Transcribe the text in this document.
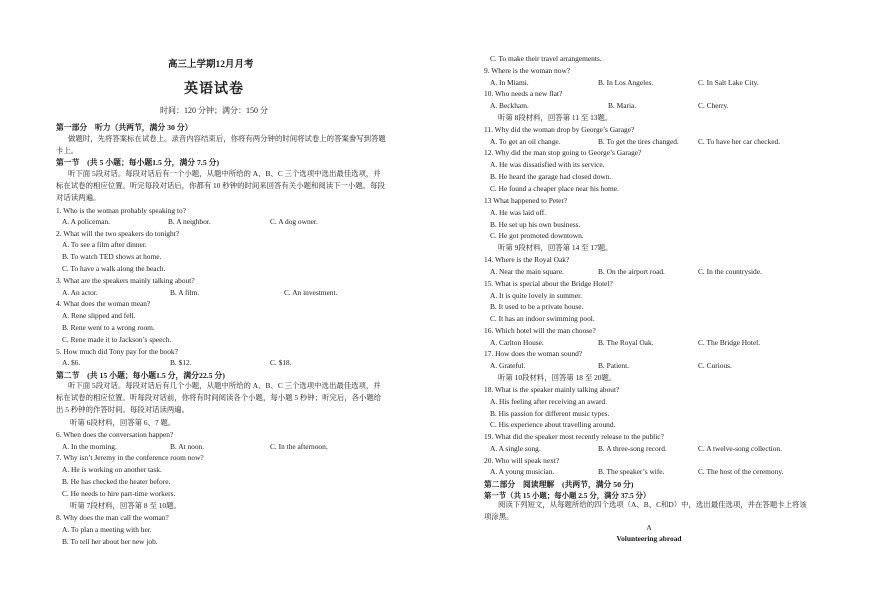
高三上学期12月月考
英语试卷
时间：120 分钟；满分：150 分
第一部分　听力（共两节，满分 30 分）
做题时，先将答案标在试卷上。录音内容结束后，你将有两分钟的时间将试卷上的答案誊写到答题卡上。
第一节　(共 5 小题；每小题1.5 分，满分 7.5 分)
听下面 5段对话。每段对话后有一个小题，从题中所给的 A、B、C 三个选项中选出最佳选项，并标在试卷的相应位置。听完每段对话后，你都有 10 秒钟的时间来回答有关小题和阅读下一小题。每段对话读两遍。
1. Who is the woman probably speaking to?
A. A policeman.	B. A neighbor.	C. A dog owner.
2. What will the two speakers do tonight?
A. To see a film after dinner.
B. To watch TED shows at home.
C. To have a walk along the beach.
3. What are the speakers mainly talking about?
A. An actor.	B. A film.	C. An investment.
4. What does the woman mean?
A. Rene slipped and fell.
B. Rene went to a wrong room.
C. Rene made it to Jackson’s speech.
5. How much did Tony pay for the book?
A. $6.	B. $12.	C. $18.
第二节　(共 15 小题；每小题1.5 分，满分22.5 分)
听下面 5段对话。每段对话后有几个小题，从题中所给的 A、B、C 三个选项中选出最佳选项，并标在试卷的相应位置。听每段对话前，你将有时间阅读各个小题，每小题 5 秒钟；听完后，各小题给出 5 秒钟的作答时间。每段对话读两遍。
听第 6段材料，回答第 6、7 题。
6. When does the conversation happen?
A. In the morning.	B. At noon.	C. In the afternoon.
7. Why isn’t Jeremy in the conference room now?
A. He is working on another task.
B. He has checked the heater before.
C. He needs to hire part-time workers.
听第 7段材料，回答第 8 至 10题。
8. Why does the man call the woman?
A. To plan a meeting with her.
B. To tell her about her new job.
C. To make their travel arrangements.
9. Where is the woman now?
A. In Miami.	B. In Los Angeles.	C. In Salt Lake City.
10. Who needs a new flat?
A. Beckham.	B. Maria.	C. Cherry.
听第 8段材料，回答第 11 至 13题。
11. Why did the woman drop by George’s Garage?
A. To get an oil change.	B. To get the tires changed.	C. To have her car checked.
12. Why did the man stop going to George’s Garage?
A. He was dissatisfied with its service.
B. He heard the garage had closed down.
C. He found a cheaper place near his home.
13 What happened to Peter?
A. He was laid off.
B. He set up his own business.
C. He got promoted downtown.
听第 9段材料，回答第 14 至 17题。
14. Where is the Royal Oak?
A. Near the main square.	B. On the airport road.	C. In the countryside.
15. What is special about the Bridge Hotel?
A. It is quite lovely in summer.
B. It used to be a private house.
C. It has an indoor swimming pool.
16. Which hotel will the man choose?
A. Carlton House.	B. The Royal Oak.	C. The Bridge Hotel.
17. How does the woman sound?
A. Grateful.	B. Patient.	C. Curious.
听第 10段材料，回答第 18 至 20题。
18. What is the speaker mainly talking about?
A. His feeling after receiving an award.
B. His passion for different music types.
C. His experience about travelling around.
19. What did the speaker most recently release to the public?
A. A single song.	B. A three-song record.	C. A twelve-song collection.
20. Who will speak next?
A. A young musician.	B. The speaker’s wife.	C. The host of the ceremony.
第二部分　阅读理解　(共两节，满分 50 分)
第一节（共 15 小题；每小题 2.5 分，满分 37.5 分）
阅读下列短文，从每题所给的四个选项（A、B、C和D）中，选出最佳选项，并在答题卡上将该项涂黑。
A
Volunteering abroad
